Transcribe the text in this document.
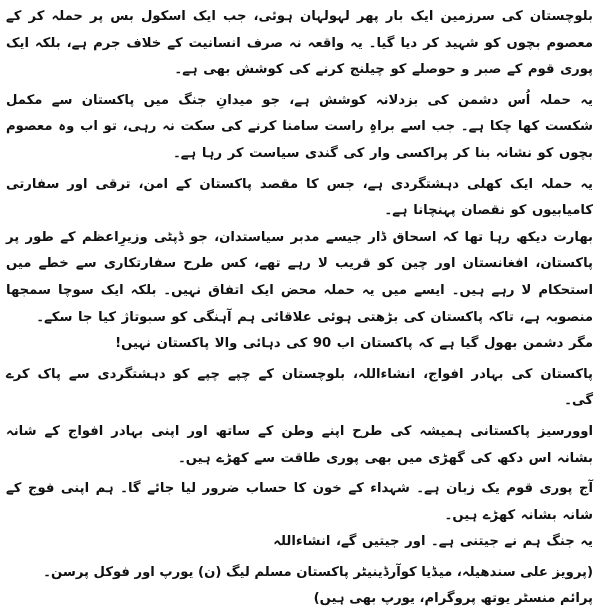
بلوچستان کی سرزمین ایک بار پھر لہولہان ہوئی، جب ایک اسکول بس پر حملہ کر کے معصوم بچوں کو شہید کر دیا گیا۔ یہ واقعہ نہ صرف انسانیت کے خلاف جرم ہے، بلکہ ایک پوری قوم کے صبر و حوصلے کو چیلنج کرنے کی کوشش بھی ہے۔

یہ حملہ اُس دشمن کی بزدلانہ کوشش ہے، جو میدانِ جنگ میں پاکستان سے مکمل شکست کھا چکا ہے۔ جب اسے براہِ راست سامنا کرنے کی سکت نہ رہی، تو اب وہ معصوم بچوں کو نشانہ بنا کر پراکسی وار کی گندی سیاست کر رہا ہے۔

یہ حملہ ایک کھلی دہشتگردی ہے، جس کا مقصد پاکستان کے امن، ترقی اور سفارتی کامیابیوں کو نقصان پہنچانا ہے۔

بھارت دیکھ رہا تھا کہ اسحاق ڈار جیسے مدبر سیاستدان، جو ڈپٹی وزیرِاعظم کے طور پر پاکستان، افغانستان اور چین کو قریب لا رہے تھے، کس طرح سفارتکاری سے خطے میں استحکام لا رہے ہیں۔ ایسے میں یہ حملہ محض ایک اتفاق نہیں۔ بلکہ ایک سوچا سمجھا منصوبہ ہے، تاکہ پاکستان کی بڑھتی ہوئی علاقائی ہم آہنگی کو سبوتاژ کیا جا سکے۔

مگر دشمن بھول گیا ہے کہ پاکستان اب 90 کی دہائی والا پاکستان نہیں!

پاکستان کی بہادر افواج، انشاءاللہ، بلوچستان کے چپے چپے کو دہشتگردی سے پاک کرے گی۔

اوورسیز پاکستانی ہمیشہ کی طرح اپنے وطن کے ساتھ اور اپنی بہادر افواج کے شانہ بشانہ اس دکھ کی گھڑی میں بھی پوری طاقت سے کھڑے ہیں۔

آج پوری قوم یک زبان ہے۔ شہداء کے خون کا حساب ضرور لیا جائے گا۔ ہم اپنی فوج کے شانہ بشانہ کھڑے ہیں۔

یہ جنگ ہم نے جیتنی ہے۔ اور جیتیں گے، انشاءاللہ

(پرویز علی سندھیلہ، میڈیا کوآرڈینیٹر پاکستان مسلم لیگ (ن) یورپ اور فوکل پرسن۔ پرائم منسٹر یوتھ پروگرام، یورپ بھی ہیں)
